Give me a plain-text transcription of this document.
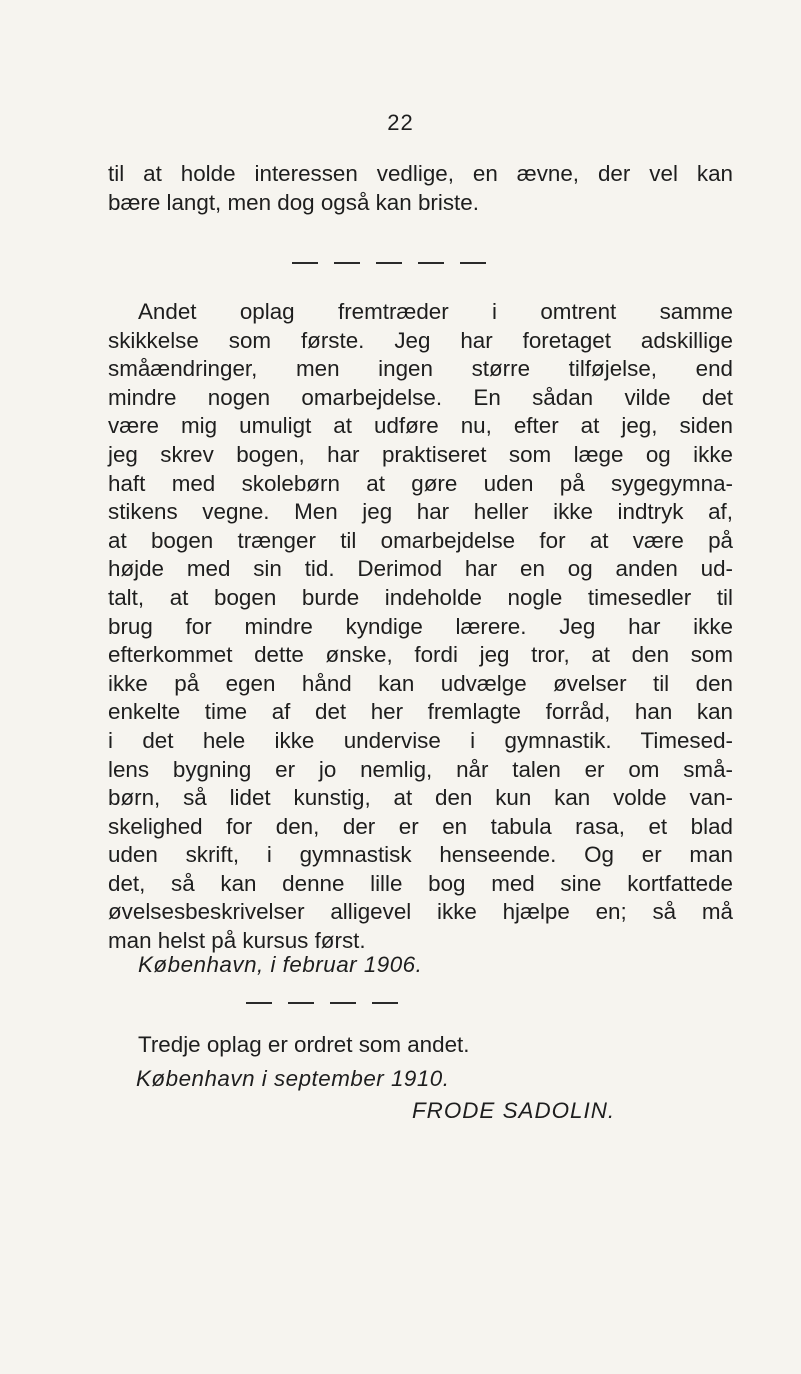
22
til at holde interessen vedlige, en ævne, der vel kan
bære langt, men dog også kan briste.
Andet oplag fremtræder i omtrent samme
skikkelse som første. Jeg har foretaget adskillige
småændringer, men ingen større tilføjelse, end
mindre nogen omarbejdelse. En sådan vilde det
være mig umuligt at udføre nu, efter at jeg, siden
jeg skrev bogen, har praktiseret som læge og ikke
haft med skolebørn at gøre uden på sygegymna-
stikens vegne. Men jeg har heller ikke indtryk af,
at bogen trænger til omarbejdelse for at være på
højde med sin tid. Derimod har en og anden ud-
talt, at bogen burde indeholde nogle timesedler til
brug for mindre kyndige lærere. Jeg har ikke
efterkommet dette ønske, fordi jeg tror, at den som
ikke på egen hånd kan udvælge øvelser til den
enkelte time af det her fremlagte forråd, han kan
i det hele ikke undervise i gymnastik. Timesed-
lens bygning er jo nemlig, når talen er om små-
børn, så lidet kunstig, at den kun kan volde van-
skelighed for den, der er en tabula rasa, et blad
uden skrift, i gymnastisk henseende. Og er man
det, så kan denne lille bog med sine kortfattede
øvelsesbeskrivelser alligevel ikke hjælpe en; så må
man helst på kursus først.
København, i februar 1906.
Tredje oplag er ordret som andet.
København i september 1910.
FRODE SADOLIN.
